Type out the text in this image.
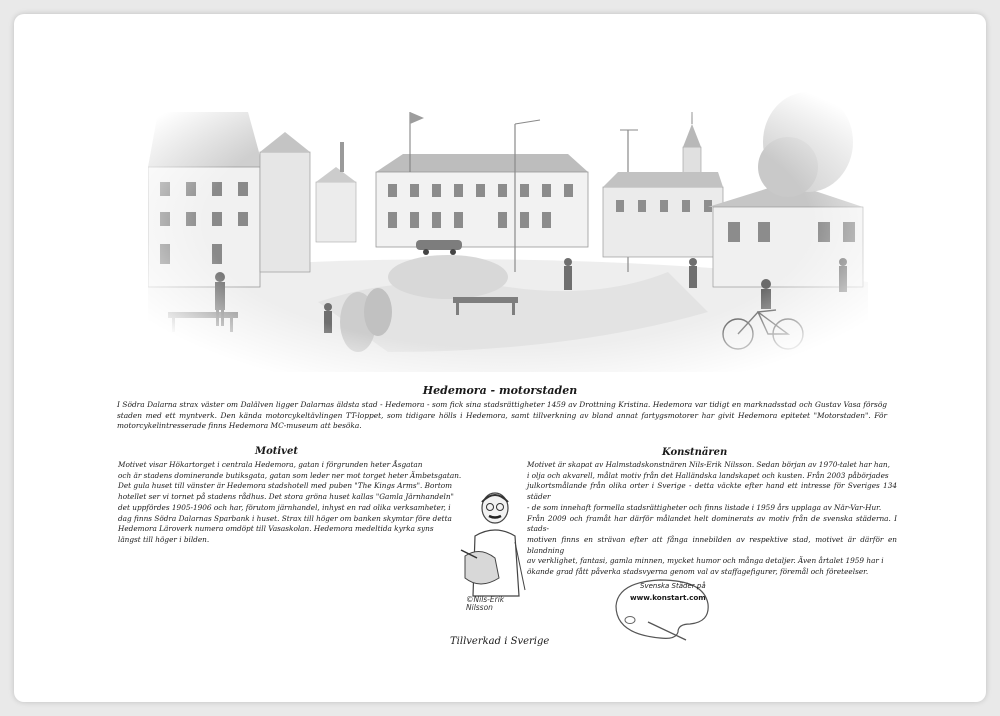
Hedemora - motorstaden

I Södra Dalarna strax väster om Dalälven ligger Dalarnas äldsta stad - Hedemora - som fick sina stadsrättigheter 1459 av Drottning Kristina. Hedemora var tidigt en marknadsstad och Gustav Vasa försög staden med ett myntverk. Den kända motorcykeltävlingen TT-loppet, som tidigare hölls i Hedemora, samt tillverkning av bland annat fartygsmotorer har givit Hedemora epitetet "Motorstaden". För motorcykelintresserade finns Hedemora MC-museum att besöka.

Motivet
Motivet visar Hökartorget i centrala Hedemora, gatan i förgrunden heter Åsgatan
och är stadens dominerande butiksgata, gatan som leder ner mot torget heter Ämbetsgatan.
Det gula huset till vänster är Hedemora stadshotell med puben "The Kings Arms". Bortom
hotellet ser vi tornet på stadens rådhus. Det stora gröna huset kallas "Gamla Järnhandeln"
det uppfördes 1905-1906 och har, förutom järnhandel, inhyst en rad olika verksamheter, i
dag finns Södra Dalarnas Sparbank i huset. Strax till höger om banken skymtar före detta
Hedemora Läroverk numera omdöpt till Vasaskolan. Hedemora medeltida kyrka syns
längst till höger i bilden.
Konstnären
Motivet är skapat av Halmstadskonstnären Nils-Erik Nilsson. Sedan början av 1970-talet har han,
i olja och akvarell, målat motiv från det Halländska landskapet och kusten. Från 2003 påbörjades
julkortsmålande från olika orter i Sverige - detta väckte efter hand ett intresse för Sveriges 134 städer
- de som innehaft formella stadsrättigheter och finns listade i 1959 års upplaga av När-Var-Hur.
Från 2009 och framåt har därför målandet helt dominerats av motiv från de svenska städerna. I stads-
motiven finns en strävan efter att fånga innebilden av respektive stad, motivet är därför en blandning
av verklighet, fantasi, gamla minnen, mycket humor och många detaljer. Även årtalet 1959 har i
ökande grad fått påverka stadsvyerna genom val av staffagefigurer, föremål och företeelser.
©Nils-Erik
Nilsson
Tillverkad i Sverige
Svenska Städer på
www.konstart.com
